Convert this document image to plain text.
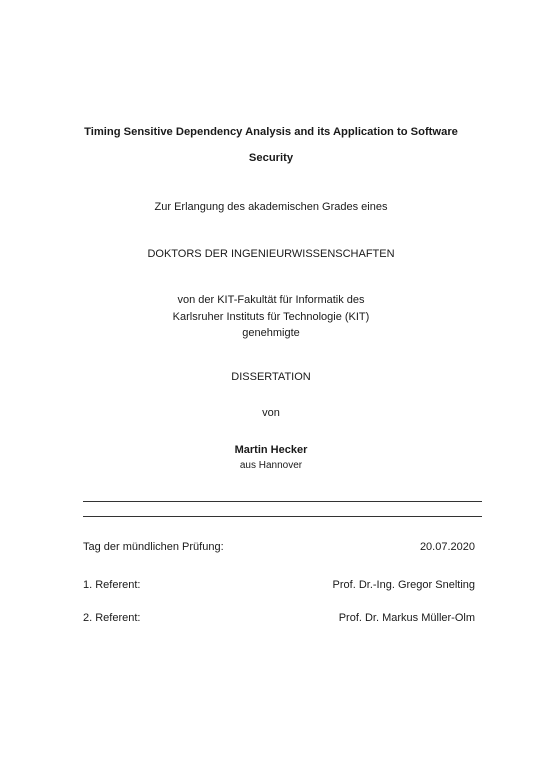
Timing Sensitive Dependency Analysis and its Application to Software Security
Zur Erlangung des akademischen Grades eines
DOKTORS DER INGENIEURWISSENSCHAFTEN
von der KIT-Fakultät für Informatik des
Karlsruher Instituts für Technologie (KIT)
genehmigte
DISSERTATION
von
Martin Hecker
aus Hannover
Tag der mündlichen Prüfung:	20.07.2020
1. Referent:	Prof. Dr.-Ing. Gregor Snelting
2. Referent:	Prof. Dr. Markus Müller-Olm
